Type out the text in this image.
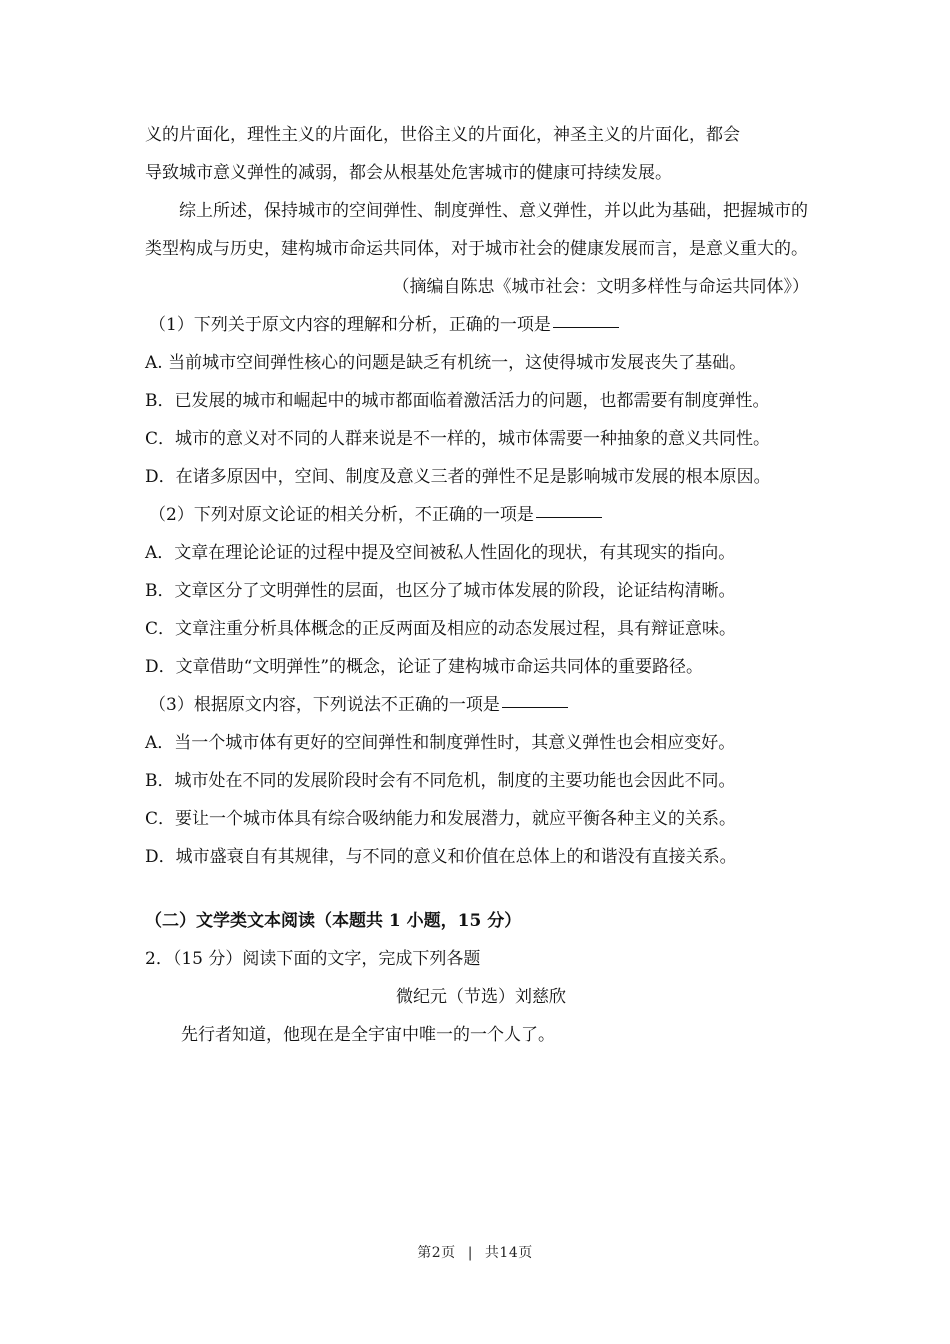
义的片面化，理性主义的片面化，世俗主义的片面化，神圣主义的片面化，都会

导致城市意义弹性的减弱，都会从根基处危害城市的健康可持续发展。

综上所述，保持城市的空间弹性、制度弹性、意义弹性，并以此为基础，把握城市的类型构成与历史，建构城市命运共同体，对于城市社会的健康发展而言，是意义重大的。

（摘编自陈忠《城市社会：文明多样性与命运共同体》）

（1）下列关于原文内容的理解和分析，正确的一项是

A. 当前城市空间弹性核心的问题是缺乏有机统一，这使得城市发展丧失了基础。

B．已发展的城市和崛起中的城市都面临着激活活力的问题，也都需要有制度弹性。

C．城市的意义对不同的人群来说是不一样的，城市体需要一种抽象的意义共同性。

D．在诸多原因中，空间、制度及意义三者的弹性不足是影响城市发展的根本原因。

（2）下列对原文论证的相关分析，不正确的一项是

A．文章在理论论证的过程中提及空间被私人性固化的现状，有其现实的指向。

B．文章区分了文明弹性的层面，也区分了城市体发展的阶段，论证结构清晰。

C．文章注重分析具体概念的正反两面及相应的动态发展过程，具有辩证意味。

D．文章借助“文明弹性”的概念，论证了建构城市命运共同体的重要路径。

（3）根据原文内容，下列说法不正确的一项是

A．当一个城市体有更好的空间弹性和制度弹性时，其意义弹性也会相应变好。

B．城市处在不同的发展阶段时会有不同危机，制度的主要功能也会因此不同。

C．要让一个城市体具有综合吸纳能力和发展潜力，就应平衡各种主义的关系。

D．城市盛衰自有其规律，与不同的意义和价值在总体上的和谐没有直接关系。

（二）文学类文本阅读（本题共 1 小题，15 分）

2．（15 分）阅读下面的文字，完成下列各题

微纪元（节选）刘慈欣

先行者知道，他现在是全宇宙中唯一的一个人了。

第2页 | 共14页
